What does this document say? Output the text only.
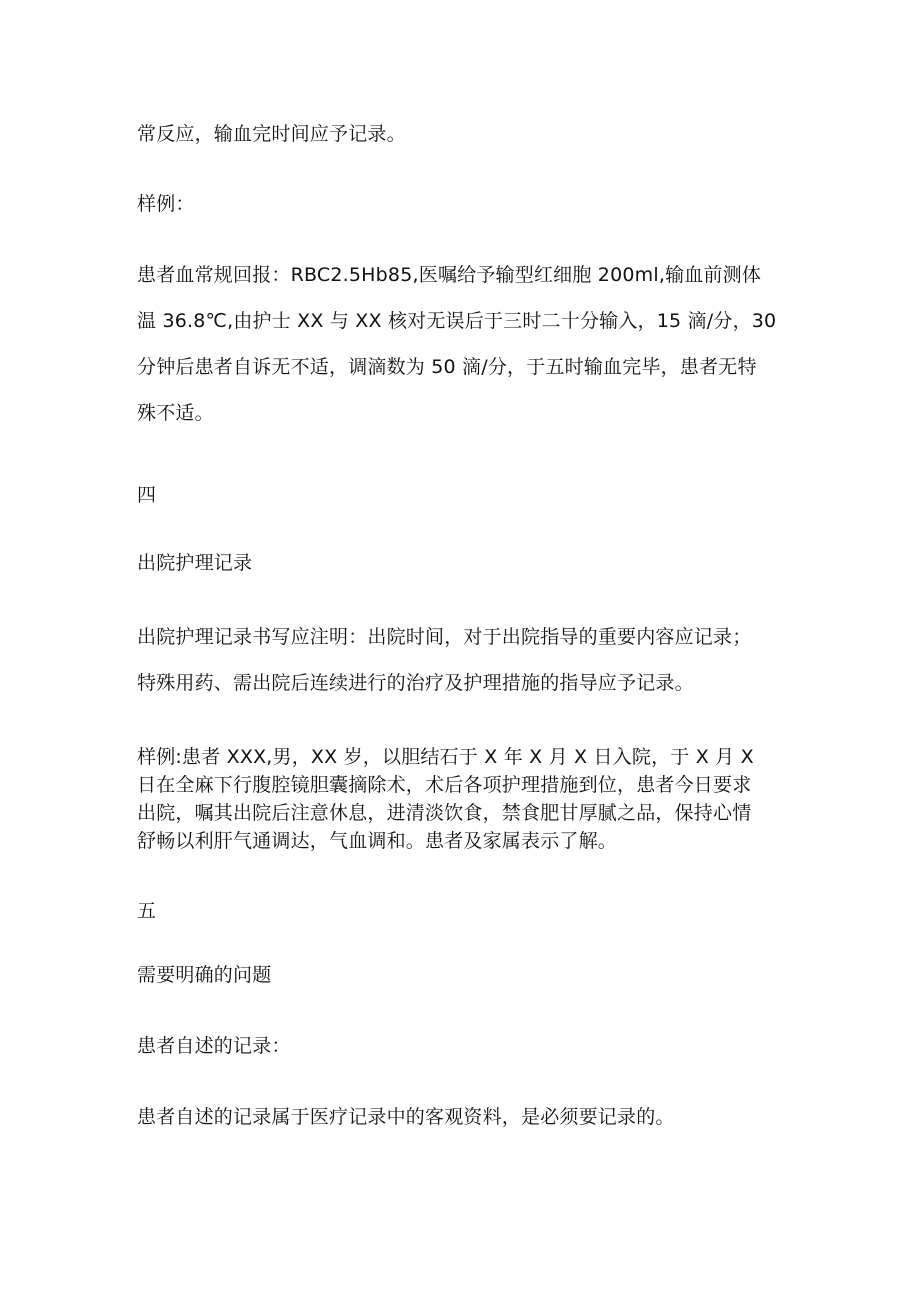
常反应，输血完时间应予记录。
样例：
患者血常规回报：RBC2.5Hb85,医嘱给予输型红细胞 200ml,输血前测体
温 36.8℃,由护士 XX 与 XX 核对无误后于三时二十分输入，15 滴/分，30
分钟后患者自诉无不适，调滴数为 50 滴/分，于五时输血完毕，患者无特
殊不适。
四
出院护理记录
出院护理记录书写应注明：出院时间，对于出院指导的重要内容应记录；
特殊用药、需出院后连续进行的治疗及护理措施的指导应予记录。
样例:患者 XXX,男，XX 岁，以胆结石于 X 年 X 月 X 日入院，于 X 月 X
日在全麻下行腹腔镜胆囊摘除术，术后各项护理措施到位，患者今日要求
出院，嘱其出院后注意休息，进清淡饮食，禁食肥甘厚腻之品，保持心情
舒畅以利肝气通调达，气血调和。患者及家属表示了解。
五
需要明确的问题
患者自述的记录：
患者自述的记录属于医疗记录中的客观资料，是必须要记录的。
